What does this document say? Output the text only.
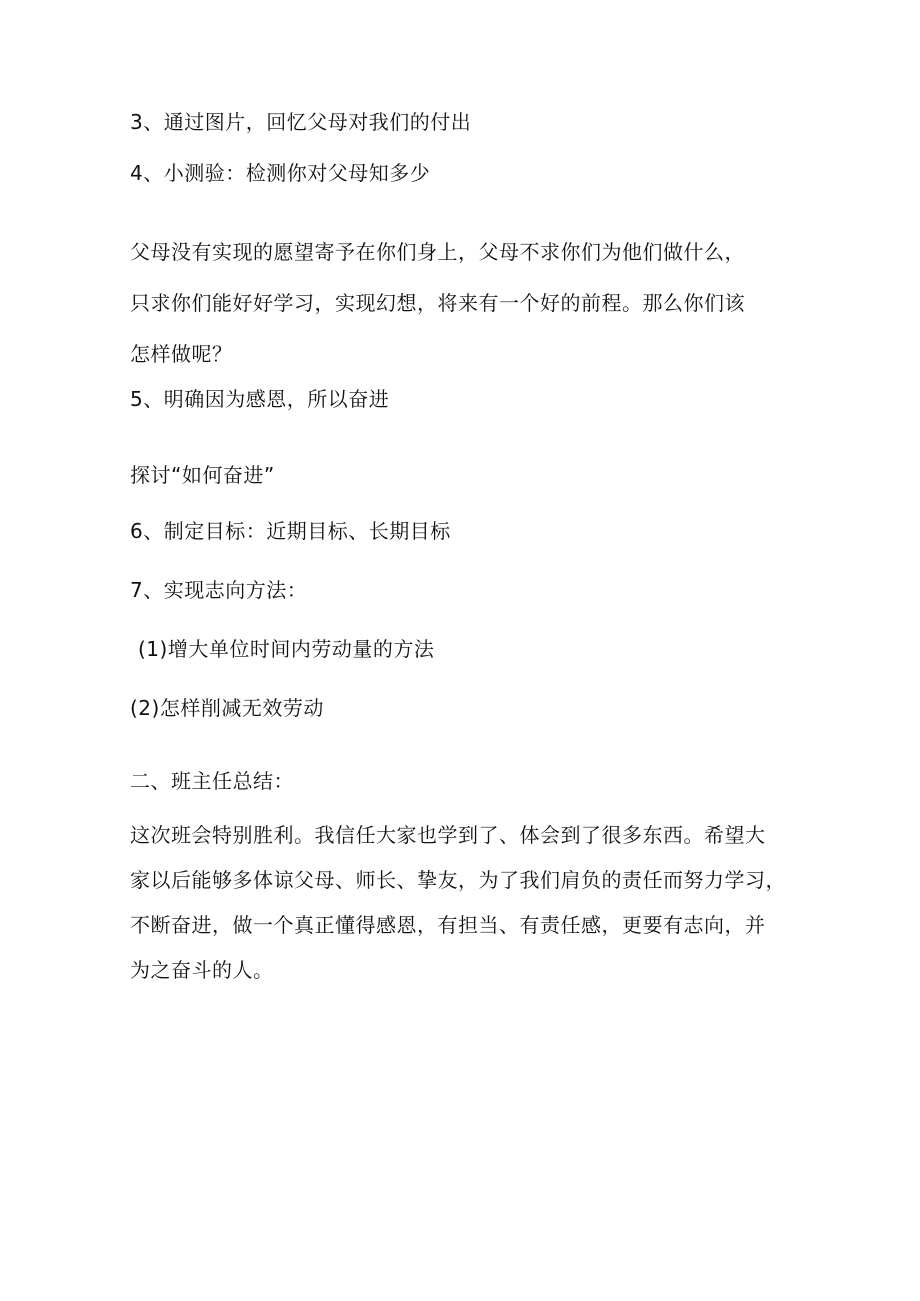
3、通过图片，回忆父母对我们的付出
4、小测验：检测你对父母知多少
父母没有实现的愿望寄予在你们身上，父母不求你们为他们做什么，
只求你们能好好学习，实现幻想，将来有一个好的前程。那么你们该
怎样做呢？
5、明确因为感恩，所以奋进
探讨“如何奋进”
6、制定目标：近期目标、长期目标
7、实现志向方法：
(1)增大单位时间内劳动量的方法
(2)怎样削减无效劳动
二、班主任总结：
这次班会特别胜利。我信任大家也学到了、体会到了很多东西。希望大
家以后能够多体谅父母、师长、挚友，为了我们肩负的责任而努力学习，
不断奋进，做一个真正懂得感恩，有担当、有责任感，更要有志向，并
为之奋斗的人。
